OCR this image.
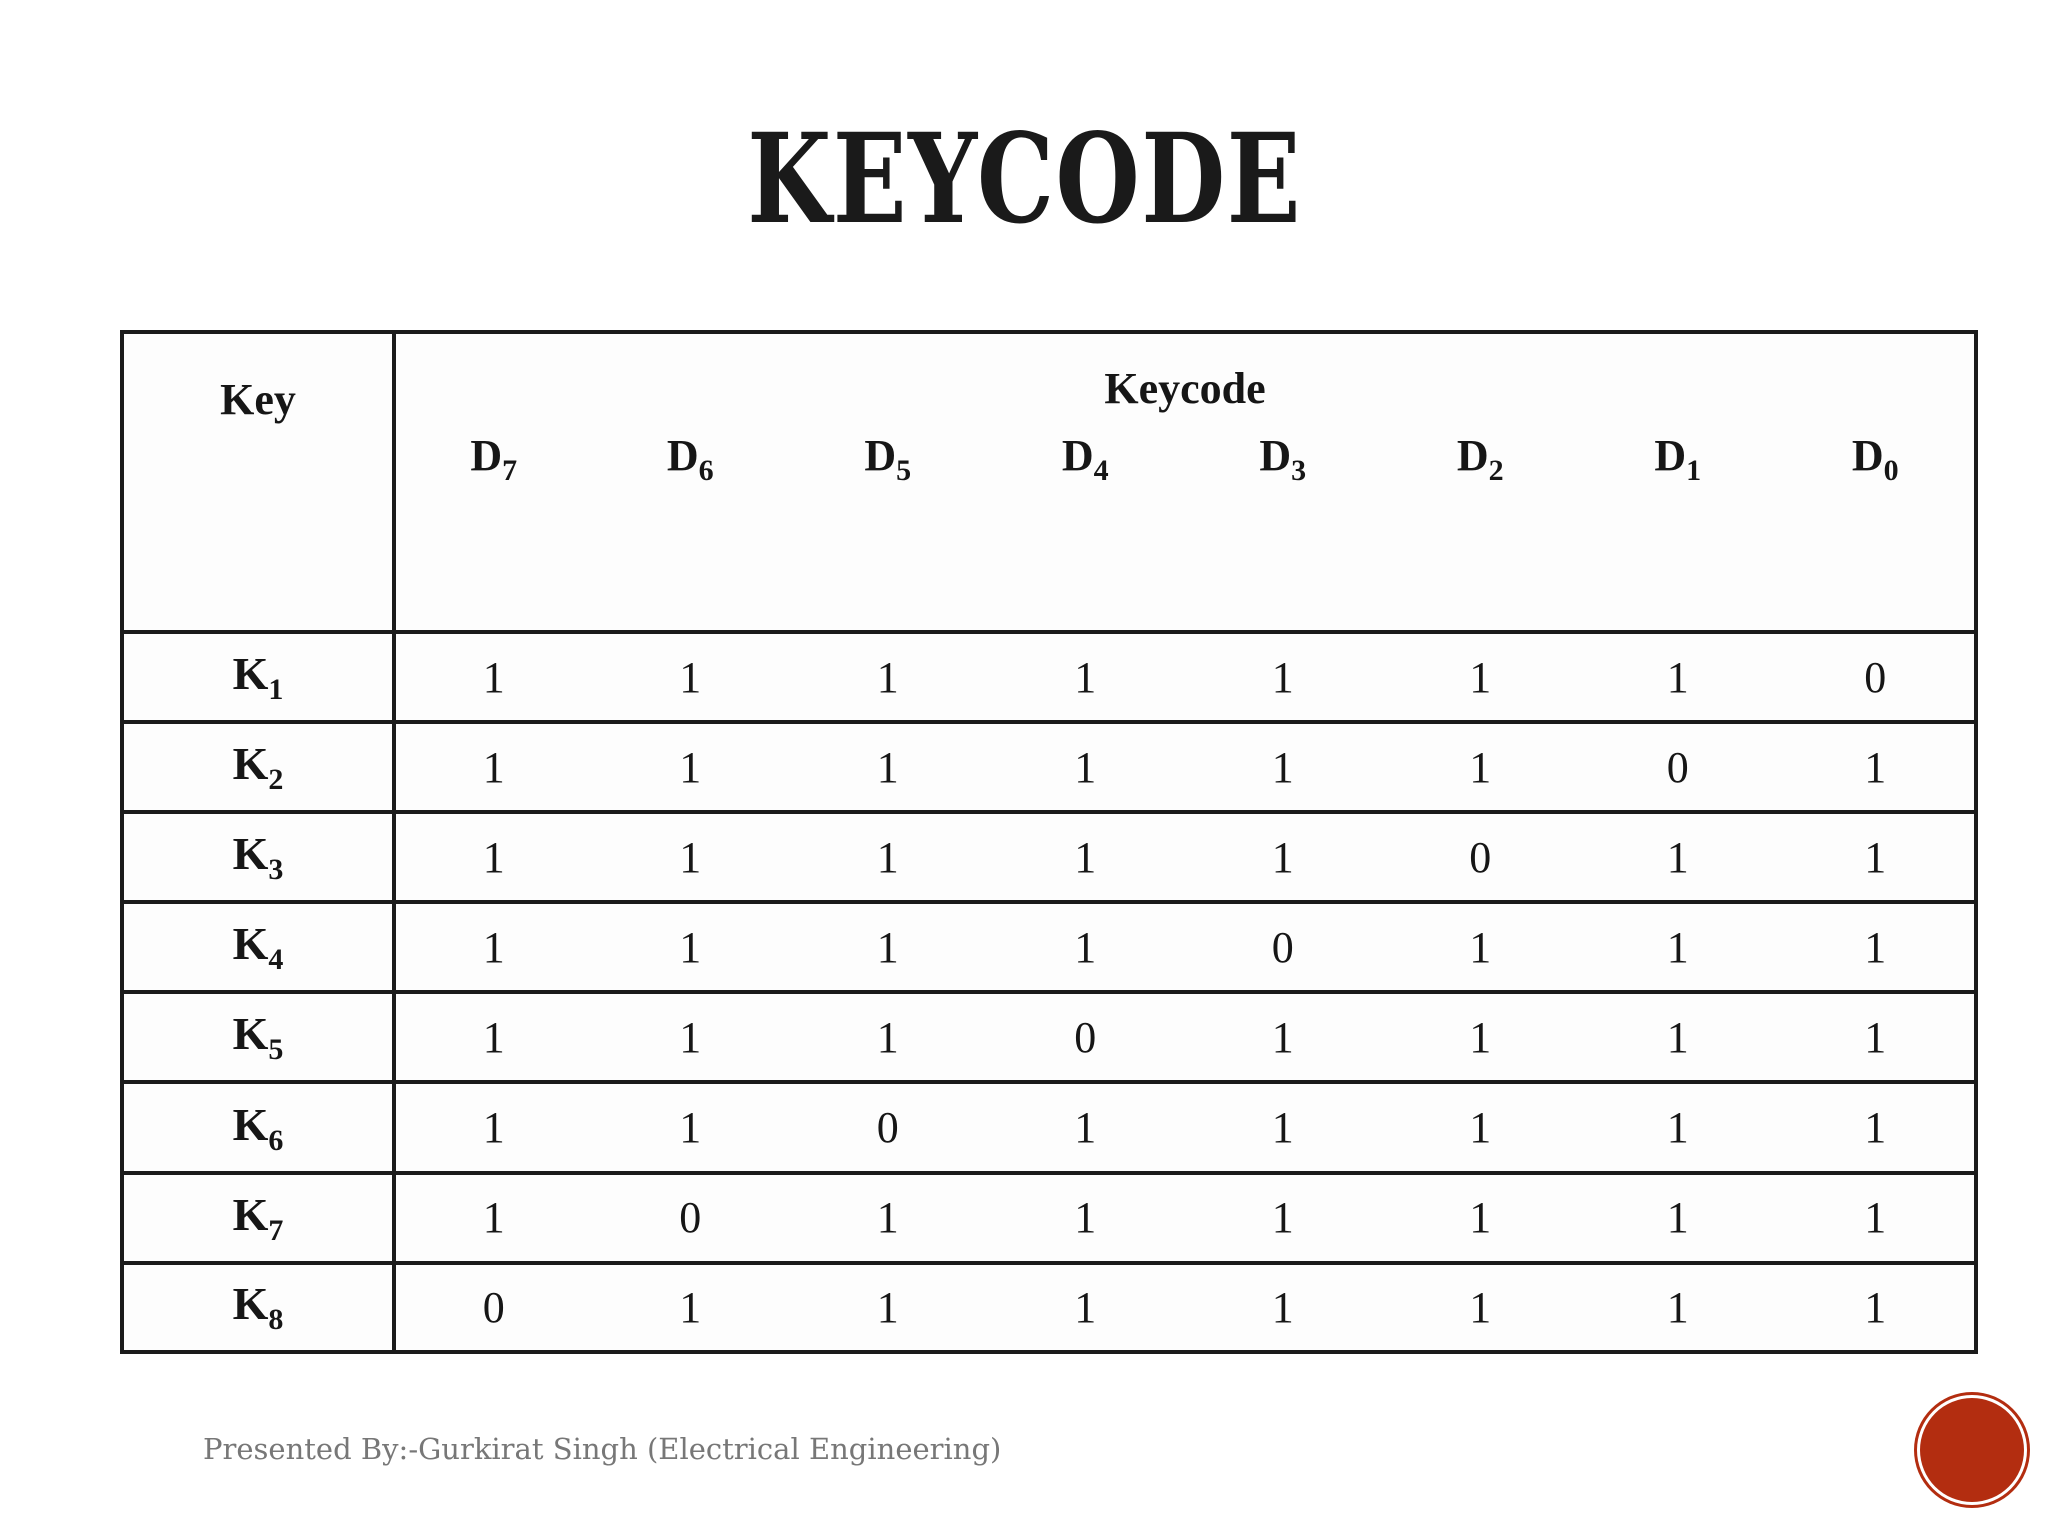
KEYCODE
Key	Keycode							
	$D_7$	$D_6$	$D_5$	$D_4$	$D_3$	$D_2$	$D_1$	$D_0$
$K_1$	1	1	1	1	1	1	1	0
$K_2$	1	1	1	1	1	1	0	1
$K_3$	1	1	1	1	1	0	1	1
$K_4$	1	1	1	1	0	1	1	1
$K_5$	1	1	1	0	1	1	1	1
$K_6$	1	1	0	1	1	1	1	1
$K_7$	1	0	1	1	1	1	1	1
$K_8$	0	1	1	1	1	1	1	1
Presented By:-Gurkirat Singh (Electrical Engineering)
